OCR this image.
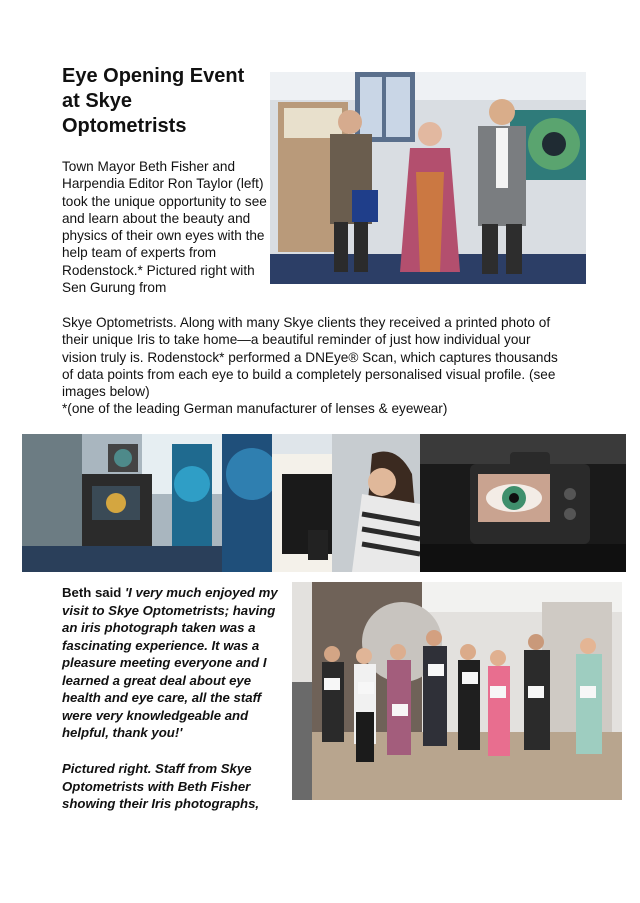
Eye Opening Event
at Skye
Optometrists

Town Mayor Beth Fisher and Harpendia Editor Ron Taylor (left) took the unique opportunity to see and learn about the beauty and physics of their own eyes with the help team of experts from Rodenstock.* Pictured right with Sen Gurung from

Skye Optometrists. Along with many Skye clients they received a printed photo of their unique Iris to take home—a beautiful reminder of just how individual your vision truly is. Rodenstock* performed a DNEye® Scan, which captures thousands of data points from each eye to build a completely personalised visual profile. (see images below)

*(one of the leading German manufacturer of lenses & eyewear)

Beth said 'I very much enjoyed my visit to Skye Optometrists; having an iris photograph taken was a fascinating experience. It was a pleasure meeting everyone and I learned a great deal about eye health and eye care, all the staff were very knowledgeable and helpful, thank you!'

Pictured right. Staff from Skye Optometrists with Beth Fisher showing their Iris photographs,
